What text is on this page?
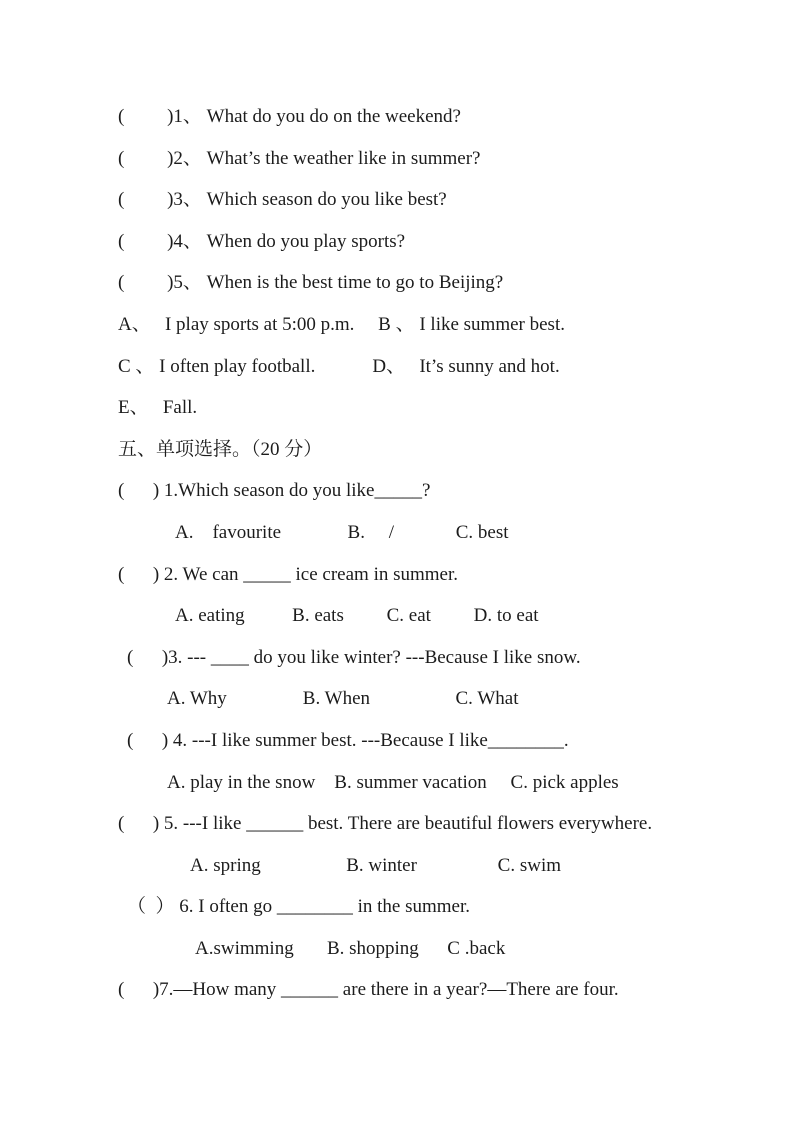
(         )1、 What do you do on the weekend?

(         )2、 What’s the weather like in summer?

(         )3、 Which season do you like best?

(         )4、 When do you play sports?

(         )5、 When is the best time to go to Beijing?

A、   I play sports at 5:00 p.m.     B 、 I like summer best.

C 、 I often play football.            D、   It’s sunny and hot.

E、   Fall.

五、单项选择。（20 分）

(      ) 1.Which season do you like_____?

A.    favourite              B.     /             C. best

(      ) 2. We can _____ ice cream in summer.

A. eating          B. eats         C. eat         D. to eat

(      )3. --- ____ do you like winter? ---Because I like snow.

A. Why                B. When                  C. What

(      ) 4. ---I like summer best. ---Because I like________.

A. play in the snow    B. summer vacation     C. pick apples

(      ) 5. ---I like ______ best. There are beautiful flowers everywhere.

A. spring                  B. winter                 C. swim

（  ） 6. I often go ________ in the summer.

A.swimming       B. shopping      C .back

(      )7.—How many ______ are there in a year?—There are four.
